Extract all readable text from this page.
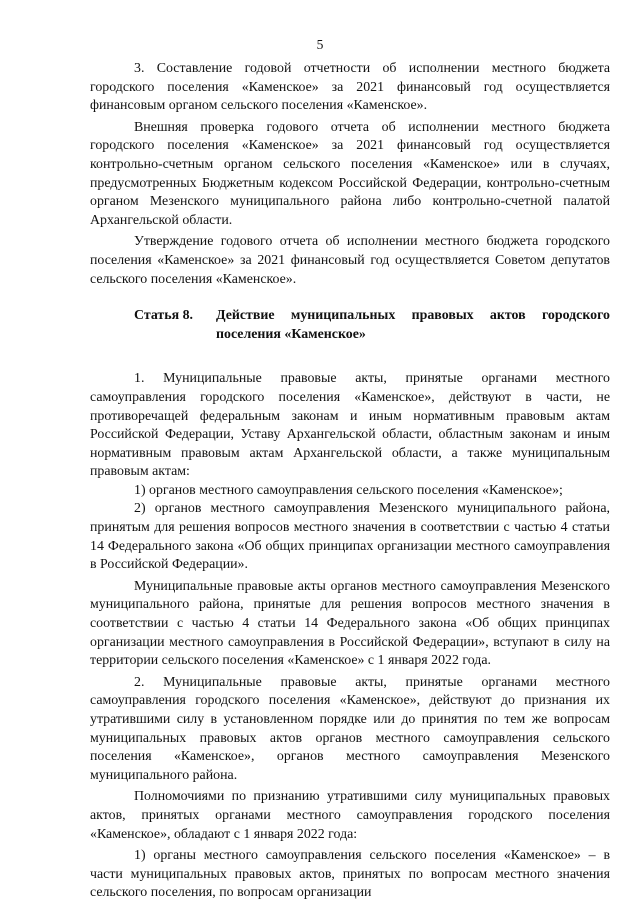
5

3. Составление годовой отчетности об исполнении местного бюджета городского поселения «Каменское» за 2021 финансовый год осуществляется финансовым органом сельского поселения «Каменское».

Внешняя проверка годового отчета об исполнении местного бюджета городского поселения «Каменское» за 2021 финансовый год осуществляется контрольно-счетным органом сельского поселения «Каменское» или в случаях, предусмотренных Бюджетным кодексом Российской Федерации, контрольно-счетным органом Мезенского муниципального района либо контрольно-счетной палатой Архангельской области.

Утверждение годового отчета об исполнении местного бюджета городского поселения «Каменское» за 2021 финансовый год осуществляется Советом депутатов сельского поселения «Каменское».

Статья 8.	Действие муниципальных правовых актов городского поселения «Каменское»

1. Муниципальные правовые акты, принятые органами местного самоуправления городского поселения «Каменское», действуют в части, не противоречащей федеральным законам и иным нормативным правовым актам Российской Федерации, Уставу Архангельской области, областным законам и иным нормативным правовым актам Архангельской области, а также муниципальным правовым актам:

1) органов местного самоуправления сельского поселения «Каменское»;

2) органов местного самоуправления Мезенского муниципального района, принятым для решения вопросов местного значения в соответствии с частью 4 статьи 14 Федерального закона «Об общих принципах организации местного самоуправления в Российской Федерации».

Муниципальные правовые акты органов местного самоуправления Мезенского муниципального района, принятые для решения вопросов местного значения в соответствии с частью 4 статьи 14 Федерального закона «Об общих принципах организации местного самоуправления в Российской Федерации», вступают в силу на территории сельского поселения «Каменское» с 1 января 2022 года.

2. Муниципальные правовые акты, принятые органами местного самоуправления городского поселения «Каменское», действуют до признания их утратившими силу в установленном порядке или до принятия по тем же вопросам муниципальных правовых актов органов местного самоуправления сельского поселения «Каменское», органов местного самоуправления Мезенского муниципального района.

Полномочиями по признанию утратившими силу муниципальных правовых актов, принятых органами местного самоуправления городского поселения «Каменское», обладают с 1 января 2022 года:

1) органы местного самоуправления сельского поселения «Каменское» – в части муниципальных правовых актов, принятых по вопросам местного значения сельского поселения, по вопросам организации
